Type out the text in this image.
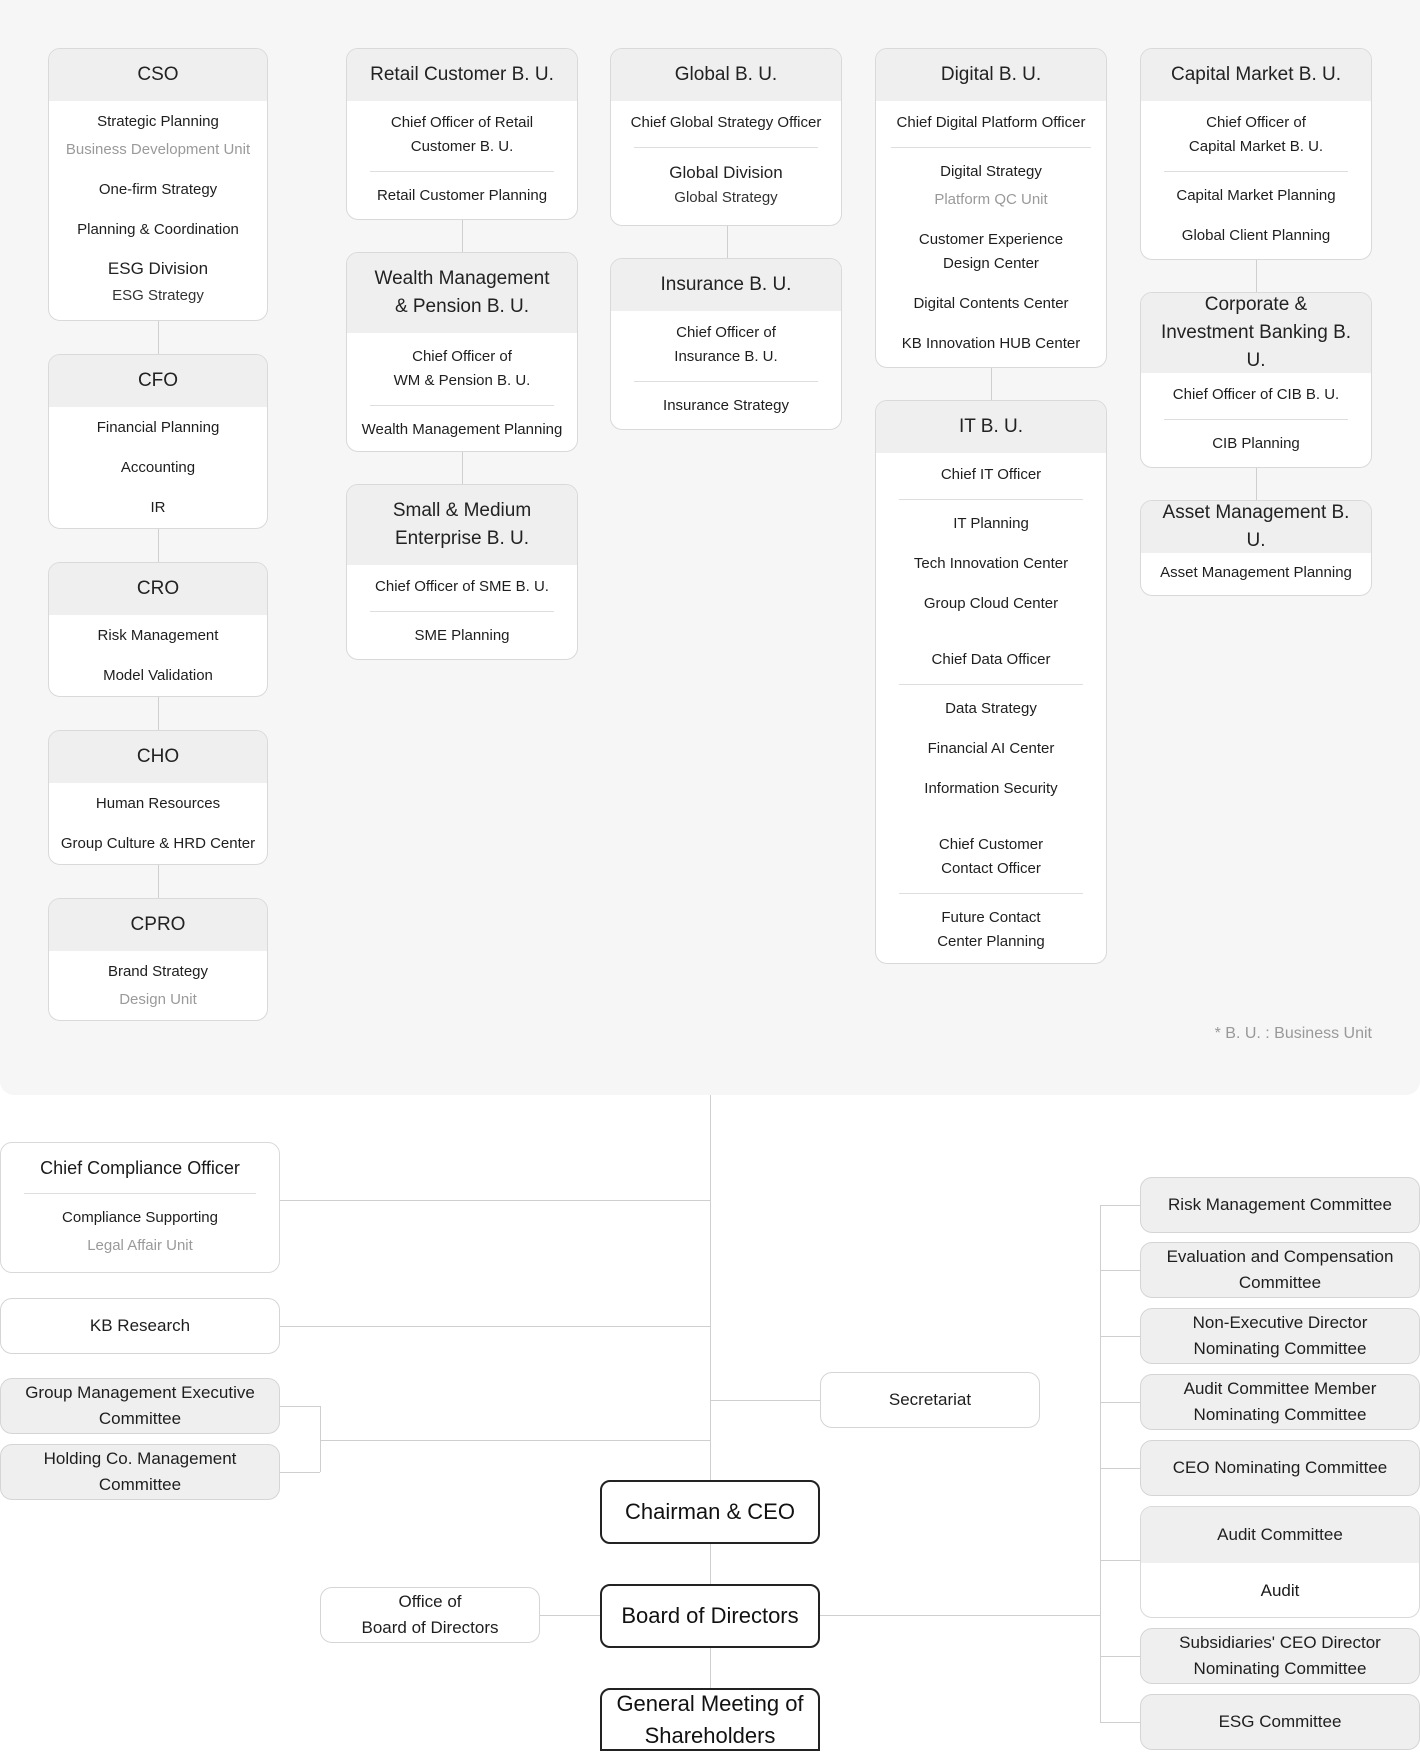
CSO
Strategic Planning
Business Development Unit
One-firm Strategy
Planning & Coordination
ESG Division
ESG Strategy
CFO
Financial Planning
Accounting
IR
CRO
Risk Management
Model Validation
CHO
Human Resources
Group Culture & HRD Center
CPRO
Brand Strategy
Design Unit
Retail Customer B. U.
Chief Officer of Retail
Customer B. U.
Retail Customer Planning
Wealth Management
& Pension B. U.
Chief Officer of
WM & Pension B. U.
Wealth Management Planning
Small & Medium
Enterprise B. U.
Chief Officer of SME B. U.
SME Planning
Global B. U.
Chief Global Strategy Officer
Global Division
Global Strategy
Insurance B. U.
Chief Officer of
Insurance B. U.
Insurance Strategy
Digital B. U.
Chief Digital Platform Officer
Digital Strategy
Platform QC Unit
Customer Experience
Design Center
Digital Contents Center
KB Innovation HUB Center
IT B. U.
Chief IT Officer
IT Planning
Tech Innovation Center
Group Cloud Center
Chief Data Officer
Data Strategy
Financial AI Center
Information Security
Chief Customer
Contact Officer
Future Contact
Center Planning
Capital Market B. U.
Chief Officer of
Capital Market B. U.
Capital Market Planning
Global Client Planning
Corporate &
Investment Banking B. U.
Chief Officer of CIB B. U.
CIB Planning
Asset Management B. U.
Asset Management Planning
* B. U. : Business Unit
Chief Compliance Officer
Compliance Supporting
Legal Affair Unit
KB Research
Group Management Executive
Committee
Holding Co. Management
Committee
Secretariat
Chairman & CEO
Office of
Board of Directors	Board of Directors
General Meeting of
Shareholders
Risk Management Committee
Evaluation and Compensation
Committee
Non-Executive Director
Nominating Committee
Audit Committee Member
Nominating Committee
CEO Nominating Committee
Audit Committee
Audit
Subsidiaries' CEO Director
Nominating Committee
ESG Committee
